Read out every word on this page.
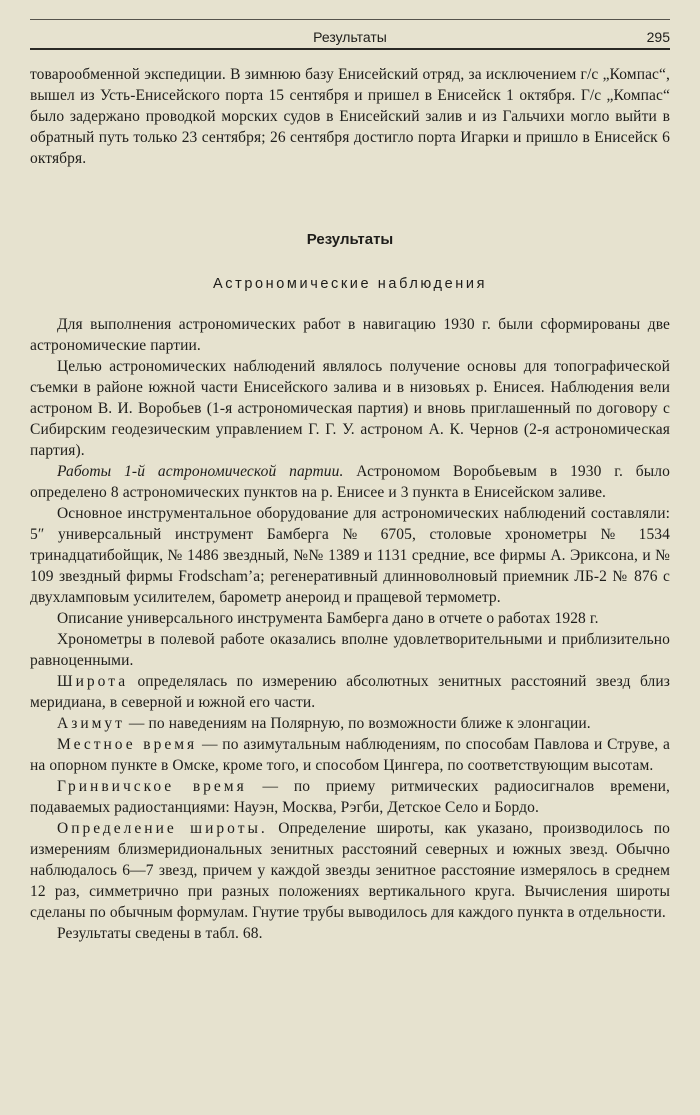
Результаты	295

товарообменной экспедиции. В зимнюю базу Енисейский отряд, за исключением г/с „Компас“, вышел из Усть-Енисейского порта 15 сентября и пришел в Енисейск 1 октября. Г/с „Компас“ было задержано проводкой морских судов в Енисейский залив и из Гальчихи могло выйти в обратный путь только 23 сентября; 26 сентября достигло порта Игарки и пришло в Енисейск 6 октября.

Результаты
Астрономические наблюдения

Для выполнения астрономических работ в навигацию 1930 г. были сформированы две астрономические партии.

Целью астрономических наблюдений являлось получение основы для топографической съемки в районе южной части Енисейского залива и в низовьях р. Енисея. Наблюдения вели астроном В. И. Воробьев (1-я астрономическая партия) и вновь приглашенный по договору с Сибирским геодезическим управлением Г. Г. У. астроном А. К. Чернов (2-я астрономическая партия).

Работы 1-й астрономической партии. Астрономом Воробьевым в 1930 г. было определено 8 астрономических пунктов на р. Енисее и 3 пункта в Енисейском заливе.

Основное инструментальное оборудование для астрономических наблюдений составляли: 5″ универсальный инструмент Бамберга № 6705, столовые хронометры № 1534 тринадцатибойщик, № 1486 звездный, №№ 1389 и 1131 средние, все фирмы А. Эриксона, и № 109 звездный фирмы Frodscham’a; регенеративный длинноволновый приемник ЛБ-2 № 876 с двухламповым усилителем, барометр анероид и пращевой термометр.

Описание универсального инструмента Бамберга дано в отчете о работах 1928 г.

Хронометры в полевой работе оказались вполне удовлетворительными и приблизительно равноценными.

Широта определялась по измерению абсолютных зенитных расстояний звезд близ меридиана, в северной и южной его части.

Азимут — по наведениям на Полярную, по возможности ближе к элонгации.

Местное время — по азимутальным наблюдениям, по способам Павлова и Струве, а на опорном пункте в Омске, кроме того, и способом Цингера, по соответствующим высотам.

Гринвичское время — по приему ритмических радиосигналов времени, подаваемых радиостанциями: Науэн, Москва, Рэгби, Детское Село и Бордо.

Определение широты. Определение широты, как указано, производилось по измерениям близмеридиональных зенитных расстояний северных и южных звезд. Обычно наблюдалось 6—7 звезд, причем у каждой звезды зенитное расстояние измерялось в среднем 12 раз, симметрично при разных положениях вертикального круга. Вычисления широты сделаны по обычным формулам. Гнутие трубы выводилось для каждого пункта в отдельности.

Результаты сведены в табл. 68.
